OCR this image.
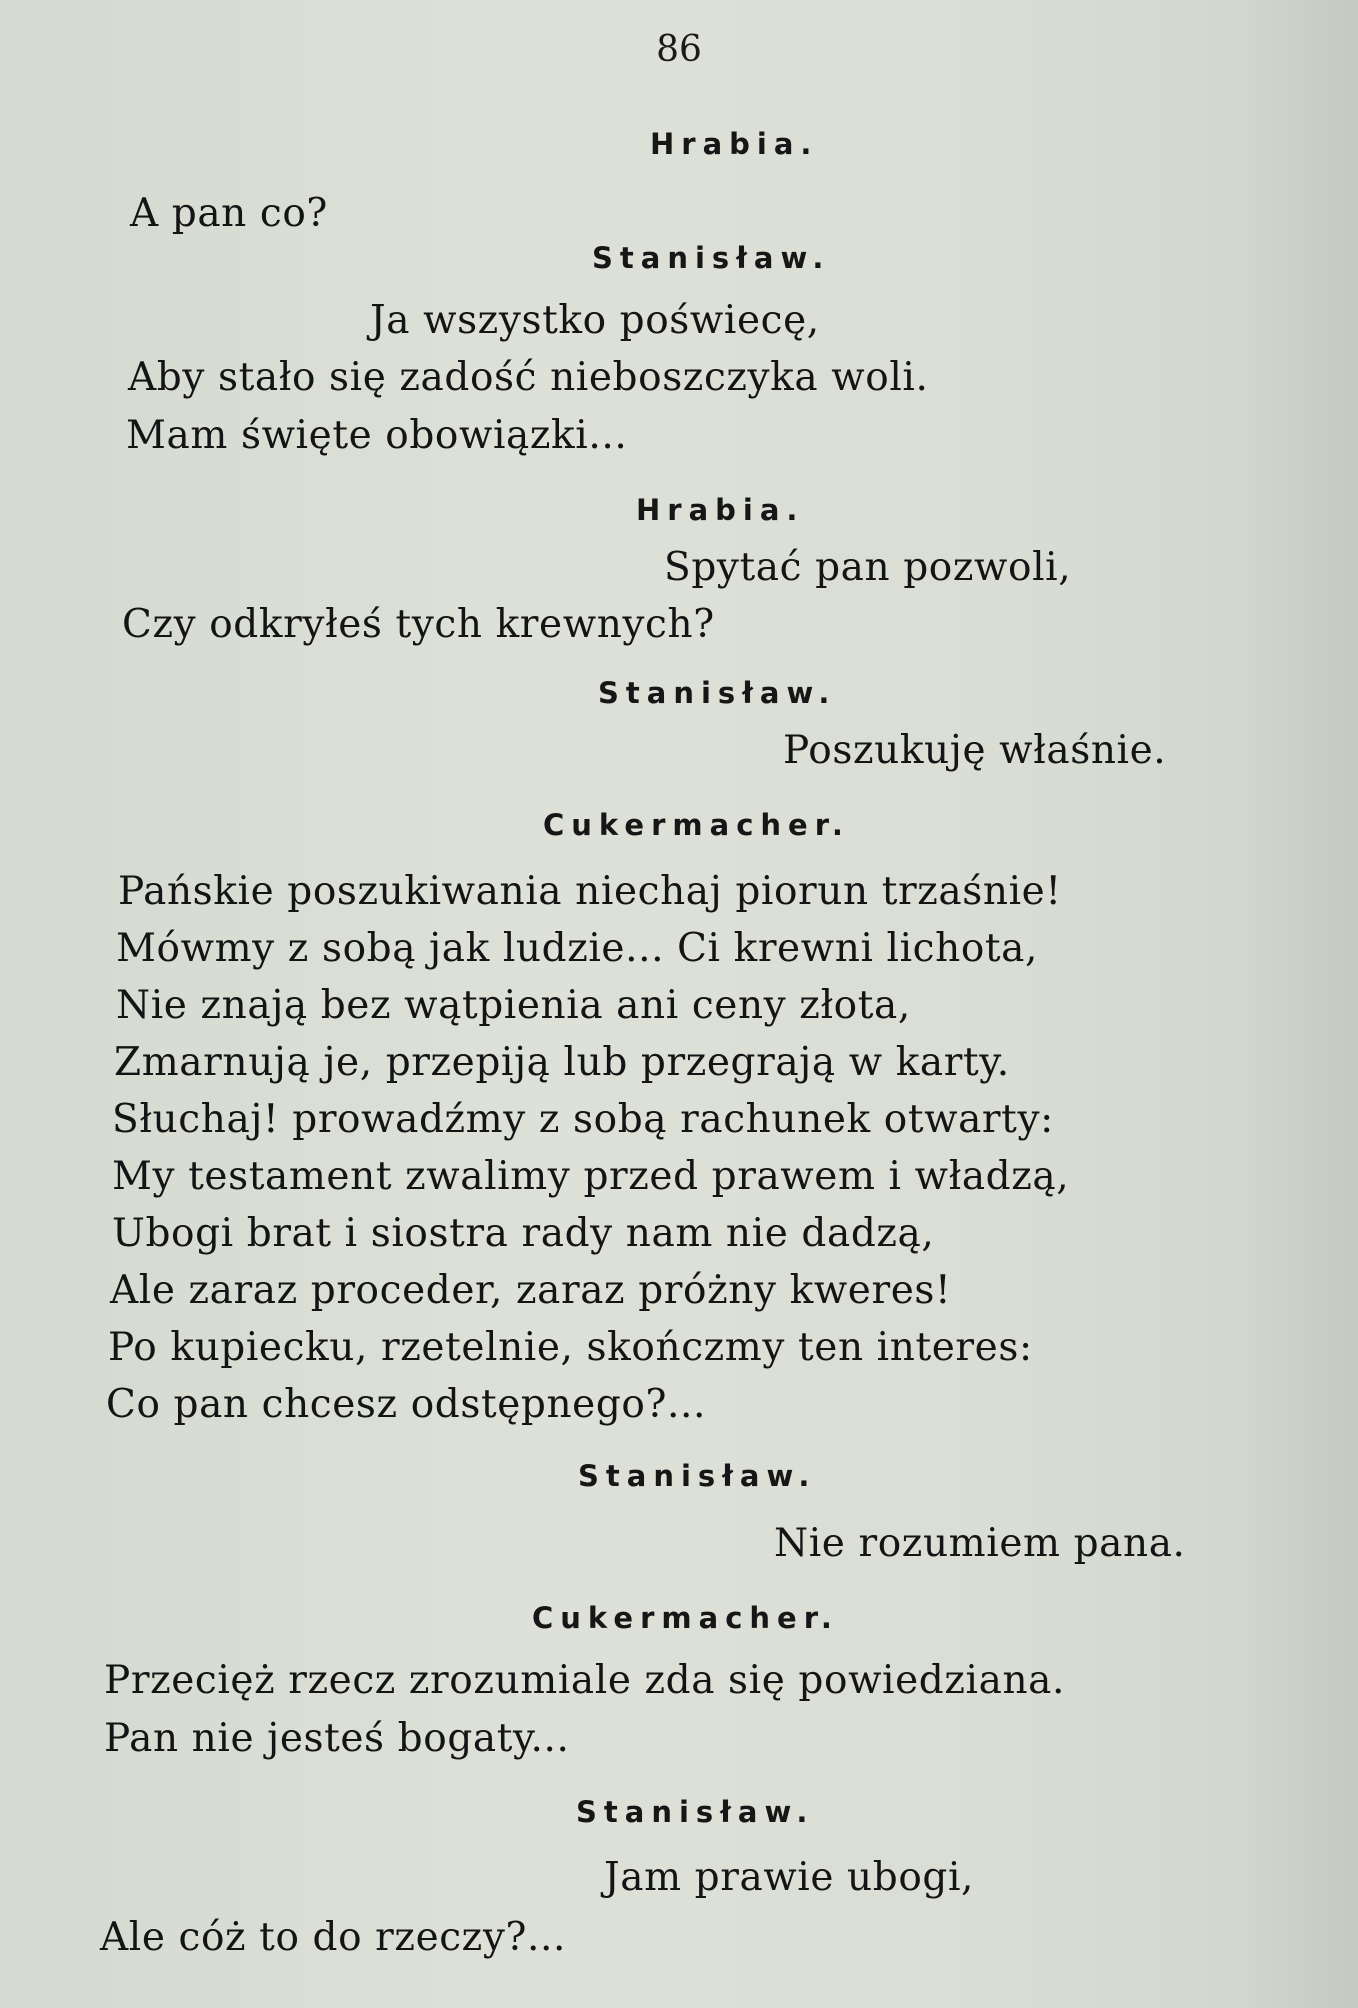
86
Hrabia.
A pan co?
Stanisław.
Ja wszystko poświecę,
Aby stało się zadość nieboszczyka woli.
Mam święte obowiązki...
Hrabia.
Spytać pan pozwoli,
Czy odkryłeś tych krewnych?
Stanisław.
Poszukuję właśnie.
Cukermacher.
Pańskie poszukiwania niechaj piorun trzaśnie!
Mówmy z sobą jak ludzie... Ci krewni lichota,
Nie znają bez wątpienia ani ceny złota,
Zmarnują je, przepiją lub przegrają w karty.
Słuchaj! prowadźmy z sobą rachunek otwarty:
My testament zwalimy przed prawem i władzą,
Ubogi brat i siostra rady nam nie dadzą,
Ale zaraz proceder, zaraz próżny kweres!
Po kupiecku, rzetelnie, skończmy ten interes:
Co pan chcesz odstępnego?...
Stanisław.
Nie rozumiem pana.
Cukermacher.
Przecięż rzecz zrozumiale zda się powiedziana.
Pan nie jesteś bogaty...
Stanisław.
Jam prawie ubogi,
Ale cóż to do rzeczy?...
